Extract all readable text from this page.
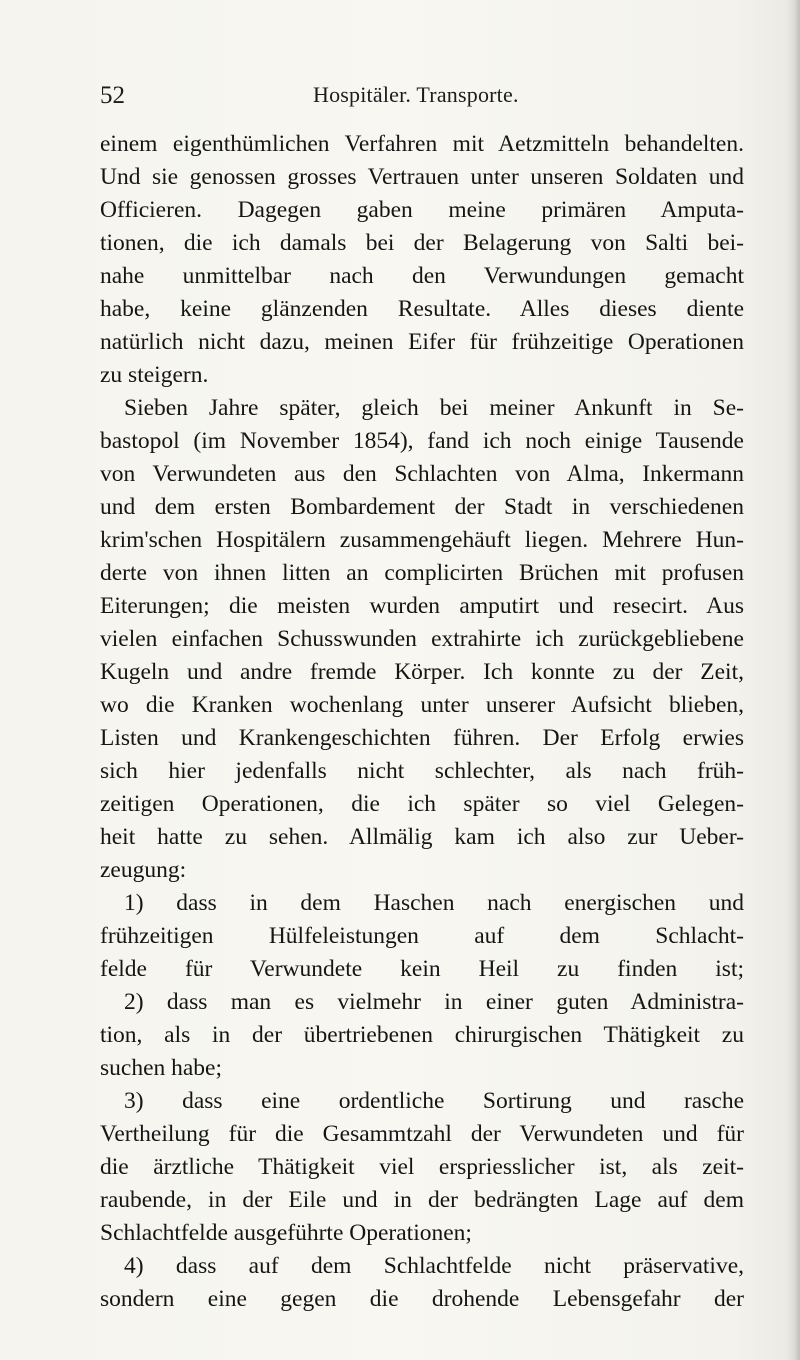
52	Hospitäler. Transporte.
einem eigenthümlichen Verfahren mit Aetzmitteln behandelten.
Und sie genossen grosses Vertrauen unter unseren Soldaten und
Officieren. Dagegen gaben meine primären Amputa-
tionen, die ich damals bei der Belagerung von Salti bei-
nahe unmittelbar nach den Verwundungen gemacht
habe, keine glänzenden Resultate. Alles dieses diente
natürlich nicht dazu, meinen Eifer für frühzeitige Operationen
zu steigern.
Sieben Jahre später, gleich bei meiner Ankunft in Se-
bastopol (im November 1854), fand ich noch einige Tausende
von Verwundeten aus den Schlachten von Alma, Inkermann
und dem ersten Bombardement der Stadt in verschiedenen
krim'schen Hospitälern zusammengehäuft liegen. Mehrere Hun-
derte von ihnen litten an complicirten Brüchen mit profusen
Eiterungen; die meisten wurden amputirt und resecirt. Aus
vielen einfachen Schusswunden extrahirte ich zurückgebliebene
Kugeln und andre fremde Körper. Ich konnte zu der Zeit,
wo die Kranken wochenlang unter unserer Aufsicht blieben,
Listen und Krankengeschichten führen. Der Erfolg erwies
sich hier jedenfalls nicht schlechter, als nach früh-
zeitigen Operationen, die ich später so viel Gelegen-
heit hatte zu sehen. Allmälig kam ich also zur Ueber-
zeugung:
1) dass in dem Haschen nach energischen und
frühzeitigen Hülfeleistungen auf dem Schlacht-
felde für Verwundete kein Heil zu finden ist;
2) dass man es vielmehr in einer guten Administra-
tion, als in der übertriebenen chirurgischen Thätigkeit zu
suchen habe;
3) dass eine ordentliche Sortirung und rasche
Vertheilung für die Gesammtzahl der Verwundeten und für
die ärztliche Thätigkeit viel erspriesslicher ist, als zeit-
raubende, in der Eile und in der bedrängten Lage auf dem
Schlachtfelde ausgeführte Operationen;
4) dass auf dem Schlachtfelde nicht präservative,
sondern eine gegen die drohende Lebensgefahr der
